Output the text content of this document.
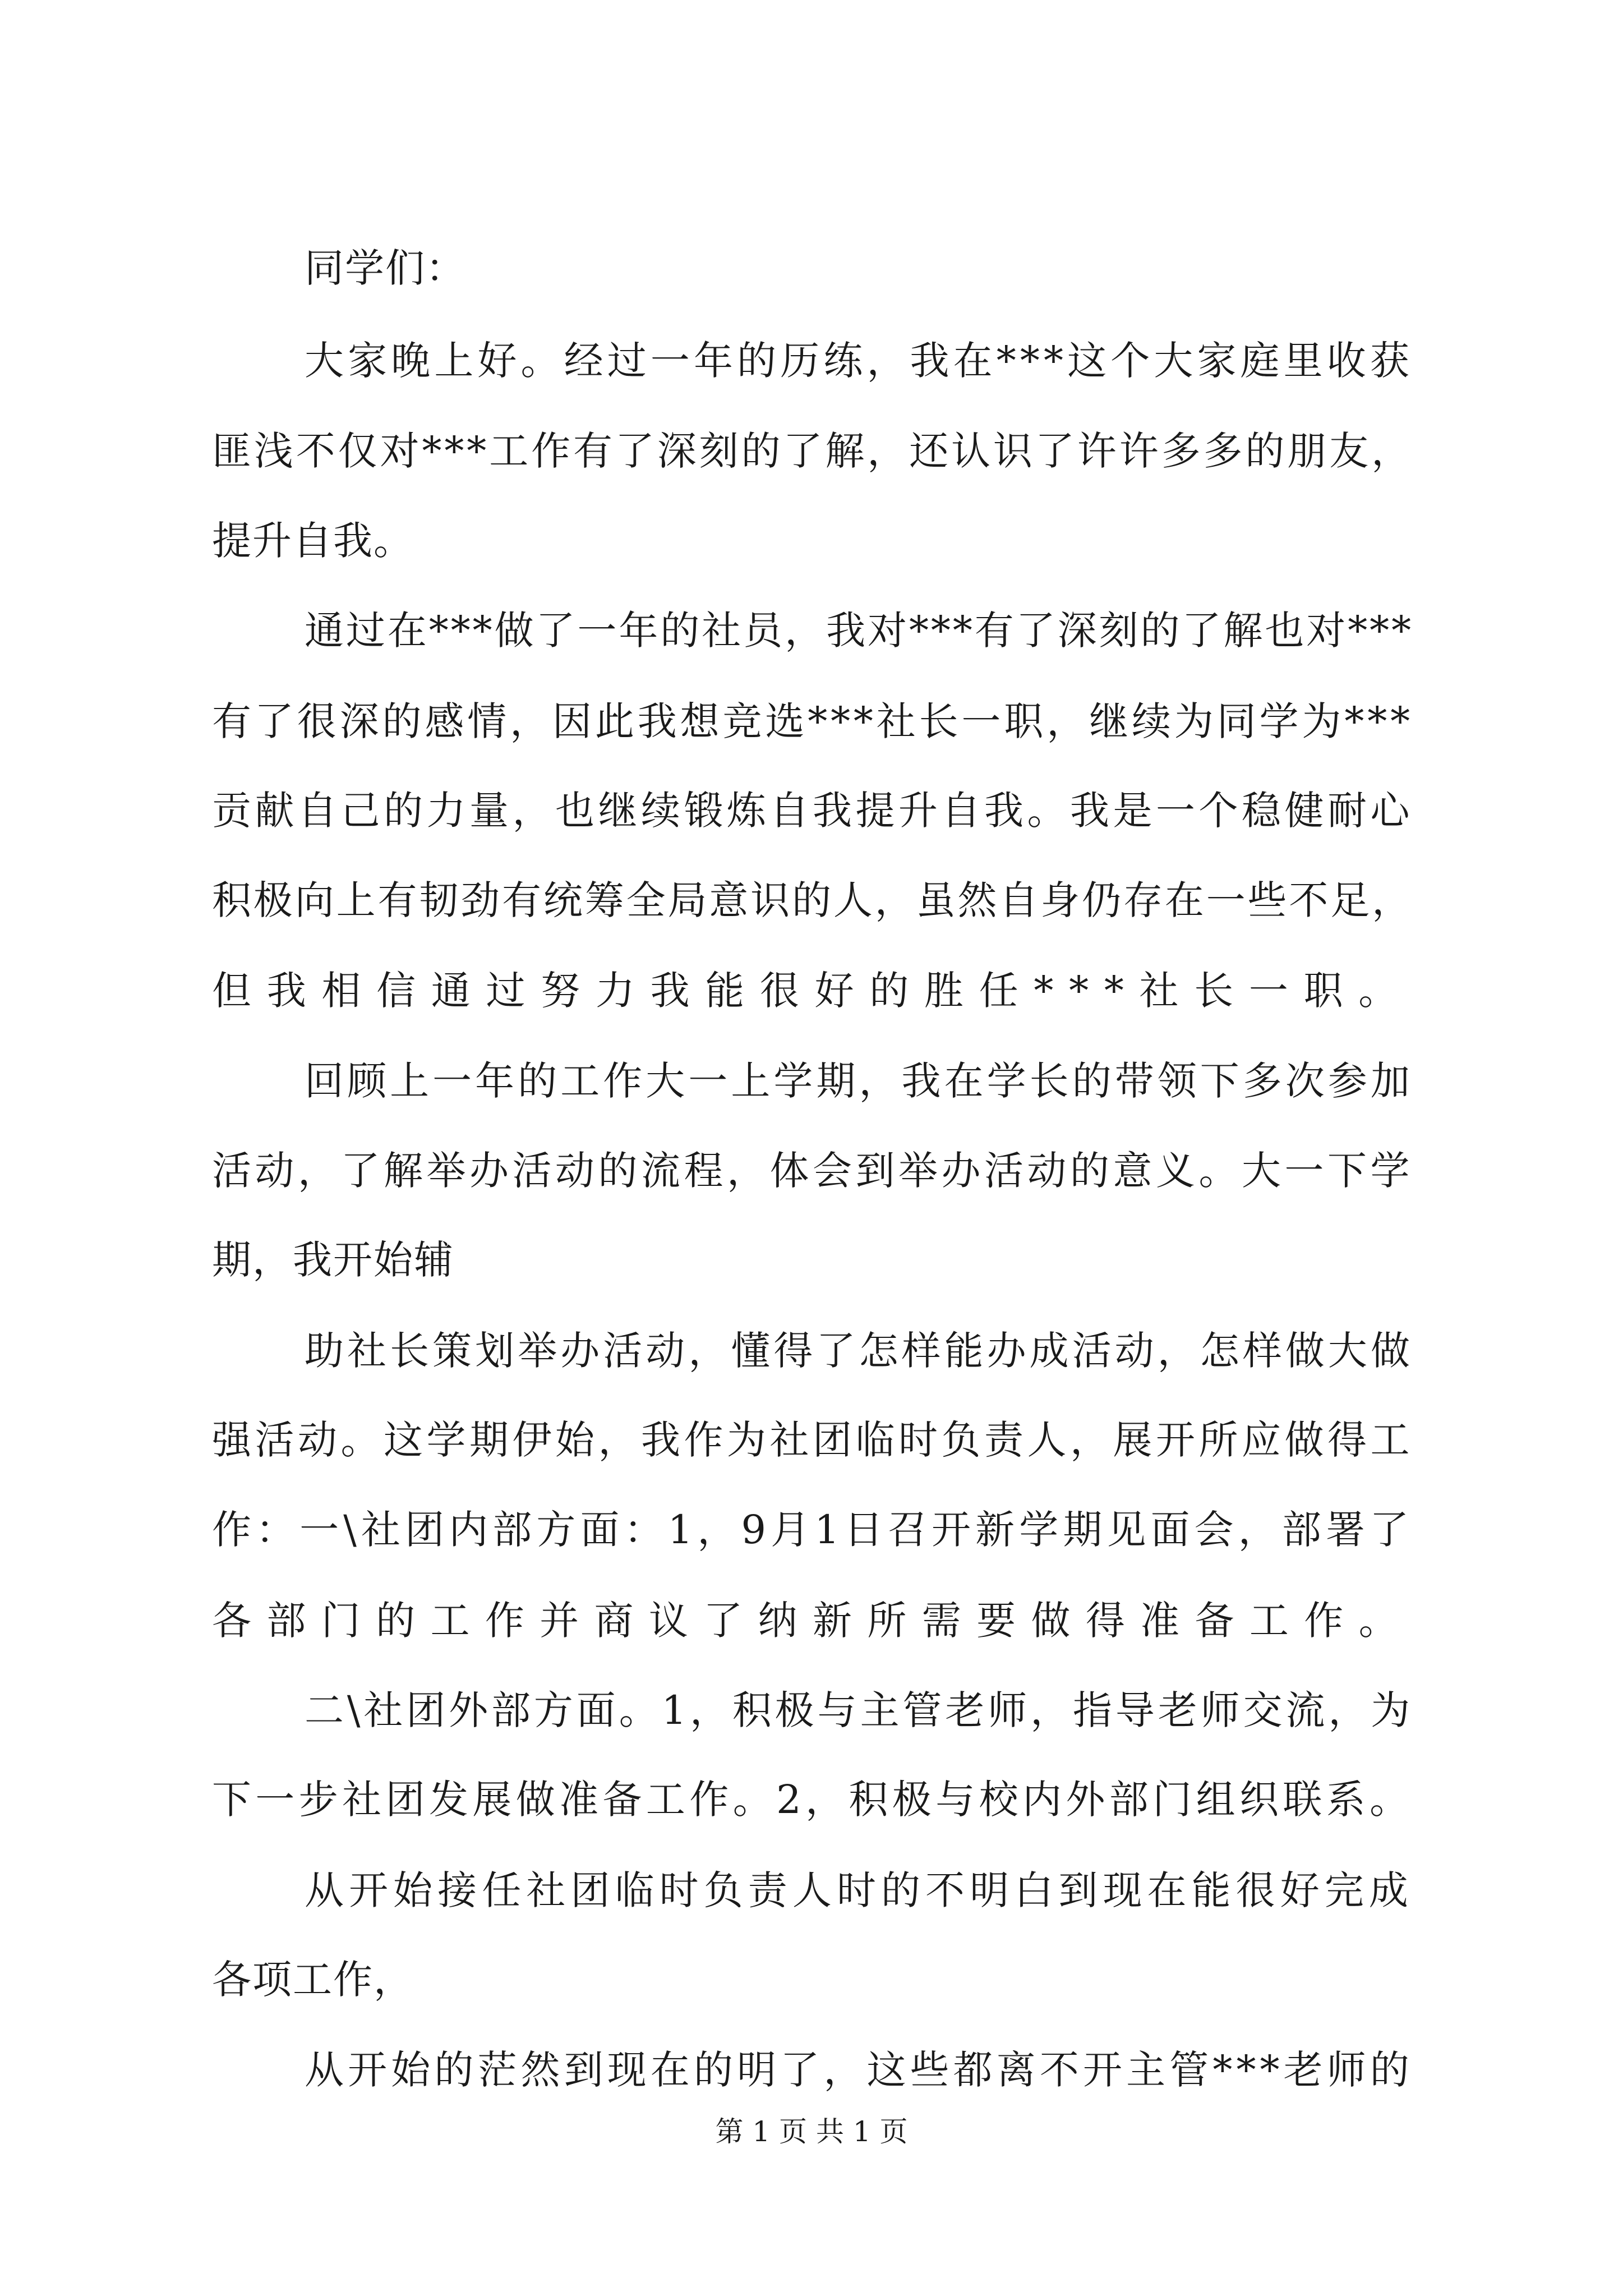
同学们：
大家晚上好。经过一年的历练，我在***这个大家庭里收获
匪浅不仅对***工作有了深刻的了解，还认识了许许多多的朋友，
提升自我。
通过在***做了一年的社员，我对***有了深刻的了解也对***
有了很深的感情，因此我想竞选***社长一职，继续为同学为***
贡献自己的力量，也继续锻炼自我提升自我。我是一个稳健耐心
积极向上有韧劲有统筹全局意识的人，虽然自身仍存在一些不足，
但我相信通过努力我能很好的胜任***社长一职。
回顾上一年的工作大一上学期，我在学长的带领下多次参加
活动，了解举办活动的流程，体会到举办活动的意义。大一下学
期，我开始辅
助社长策划举办活动，懂得了怎样能办成活动，怎样做大做
强活动。这学期伊始，我作为社团临时负责人，展开所应做得工
作：一\社团内部方面：1，9月1日召开新学期见面会，部署了
各部门的工作并商议了纳新所需要做得准备工作。
二\社团外部方面。1，积极与主管老师，指导老师交流，为
下一步社团发展做准备工作。2，积极与校内外部门组织联系。
从开始接任社团临时负责人时的不明白到现在能很好完成
各项工作，
从开始的茫然到现在的明了，这些都离不开主管***老师的
第 1 页 共 1 页
